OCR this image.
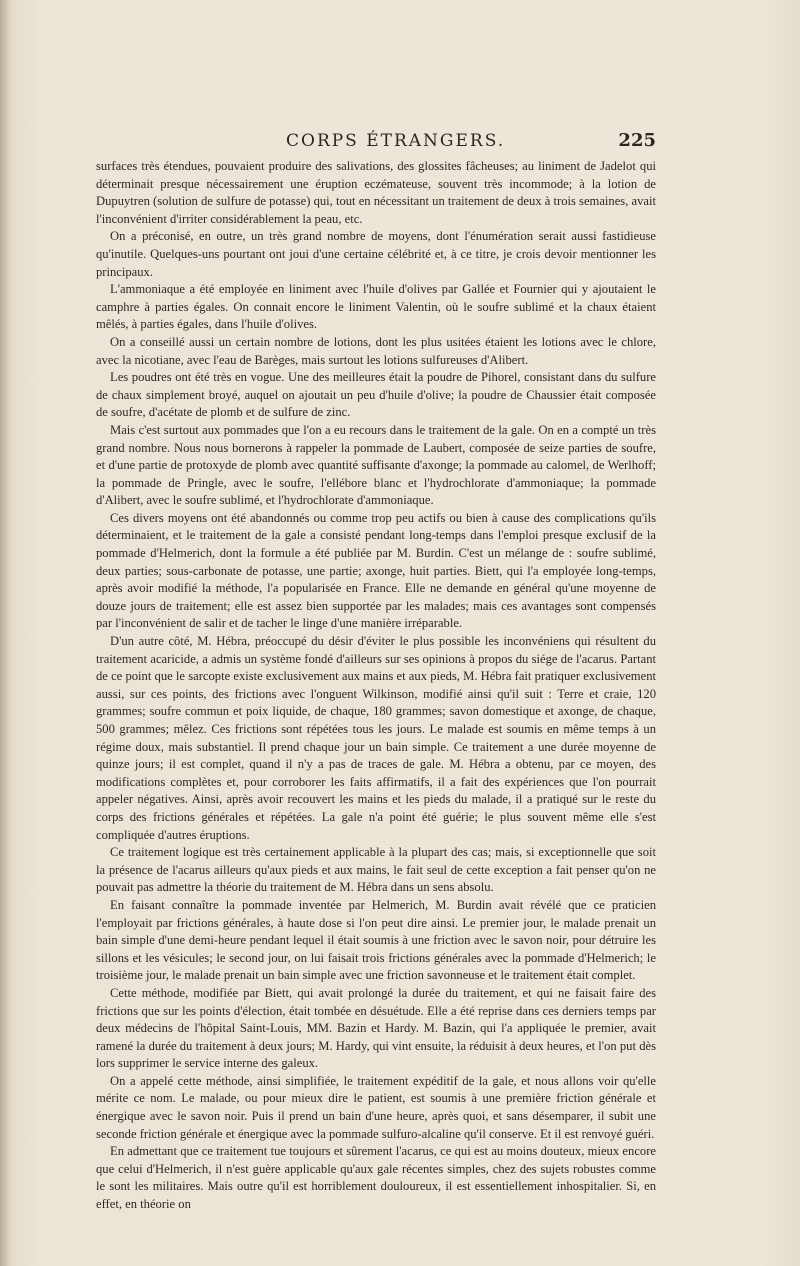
CORPS ÉTRANGERS.	225

surfaces très étendues, pouvaient produire des salivations, des glossites fâcheuses; au liniment de Jadelot qui déterminait presque nécessairement une éruption eczémateuse, souvent très incommode; à la lotion de Dupuytren (solution de sulfure de potasse) qui, tout en nécessitant un traitement de deux à trois semaines, avait l'inconvénient d'irriter considérablement la peau, etc.

On a préconisé, en outre, un très grand nombre de moyens, dont l'énumération serait aussi fastidieuse qu'inutile. Quelques-uns pourtant ont joui d'une certaine célébrité et, à ce titre, je crois devoir mentionner les principaux.

L'ammoniaque a été employée en liniment avec l'huile d'olives par Gallée et Fournier qui y ajoutaient le camphre à parties égales. On connait encore le liniment Valentin, où le soufre sublimé et la chaux étaient mêlés, à parties égales, dans l'huile d'olives.

On a conseillé aussi un certain nombre de lotions, dont les plus usitées étaient les lotions avec le chlore, avec la nicotiane, avec l'eau de Barèges, mais surtout les lotions sulfureuses d'Alibert.

Les poudres ont été très en vogue. Une des meilleures était la poudre de Pihorel, consistant dans du sulfure de chaux simplement broyé, auquel on ajoutait un peu d'huile d'olive; la poudre de Chaussier était composée de soufre, d'acétate de plomb et de sulfure de zinc.

Mais c'est surtout aux pommades que l'on a eu recours dans le traitement de la gale. On en a compté un très grand nombre. Nous nous bornerons à rappeler la pommade de Laubert, composée de seize parties de soufre, et d'une partie de protoxyde de plomb avec quantité suffisante d'axonge; la pommade au calomel, de Werlhoff; la pommade de Pringle, avec le soufre, l'ellébore blanc et l'hydrochlorate d'ammoniaque; la pommade d'Alibert, avec le soufre sublimé, et l'hydrochlorate d'ammoniaque.

Ces divers moyens ont été abandonnés ou comme trop peu actifs ou bien à cause des complications qu'ils déterminaient, et le traitement de la gale a consisté pendant long-temps dans l'emploi presque exclusif de la pommade d'Helmerich, dont la formule a été publiée par M. Burdin. C'est un mélange de : soufre sublimé, deux parties; sous-carbonate de potasse, une partie; axonge, huit parties. Biett, qui l'a employée long-temps, après avoir modifié la méthode, l'a popularisée en France. Elle ne demande en général qu'une moyenne de douze jours de traitement; elle est assez bien supportée par les malades; mais ces avantages sont compensés par l'inconvénient de salir et de tacher le linge d'une manière irréparable.

D'un autre côté, M. Hébra, préoccupé du désir d'éviter le plus possible les inconvéniens qui résultent du traitement acaricide, a admis un système fondé d'ailleurs sur ses opinions à propos du siége de l'acarus. Partant de ce point que le sarcopte existe exclusivement aux mains et aux pieds, M. Hébra fait pratiquer exclusivement aussi, sur ces points, des frictions avec l'onguent Wilkinson, modifié ainsi qu'il suit : Terre et craie, 120 grammes; soufre commun et poix liquide, de chaque, 180 grammes; savon domestique et axonge, de chaque, 500 grammes; mêlez. Ces frictions sont répétées tous les jours. Le malade est soumis en même temps à un régime doux, mais substantiel. Il prend chaque jour un bain simple. Ce traitement a une durée moyenne de quinze jours; il est complet, quand il n'y a pas de traces de gale. M. Hébra a obtenu, par ce moyen, des modifications complètes et, pour corroborer les faits affirmatifs, il a fait des expériences que l'on pourrait appeler négatives. Ainsi, après avoir recouvert les mains et les pieds du malade, il a pratiqué sur le reste du corps des frictions générales et répétées. La gale n'a point été guérie; le plus souvent même elle s'est compliquée d'autres éruptions.

Ce traitement logique est très certainement applicable à la plupart des cas; mais, si exceptionnelle que soit la présence de l'acarus ailleurs qu'aux pieds et aux mains, le fait seul de cette exception a fait penser qu'on ne pouvait pas admettre la théorie du traitement de M. Hébra dans un sens absolu.

En faisant connaître la pommade inventée par Helmerich, M. Burdin avait révélé que ce praticien l'employait par frictions générales, à haute dose si l'on peut dire ainsi. Le premier jour, le malade prenait un bain simple d'une demi-heure pendant lequel il était soumis à une friction avec le savon noir, pour détruire les sillons et les vésicules; le second jour, on lui faisait trois frictions générales avec la pommade d'Helmerich; le troisième jour, le malade prenait un bain simple avec une friction savonneuse et le traitement était complet.

Cette méthode, modifiée par Biett, qui avait prolongé la durée du traitement, et qui ne faisait faire des frictions que sur les points d'élection, était tombée en désuétude. Elle a été reprise dans ces derniers temps par deux médecins de l'hôpital Saint-Louis, MM. Bazin et Hardy. M. Bazin, qui l'a appliquée le premier, avait ramené la durée du traitement à deux jours; M. Hardy, qui vint ensuite, la réduisit à deux heures, et l'on put dès lors supprimer le service interne des galeux.

On a appelé cette méthode, ainsi simplifiée, le traitement expéditif de la gale, et nous allons voir qu'elle mérite ce nom. Le malade, ou pour mieux dire le patient, est soumis à une première friction générale et énergique avec le savon noir. Puis il prend un bain d'une heure, après quoi, et sans désemparer, il subit une seconde friction générale et énergique avec la pommade sulfuro-alcaline qu'il conserve. Et il est renvoyé guéri.

En admettant que ce traitement tue toujours et sûrement l'acarus, ce qui est au moins douteux, mieux encore que celui d'Helmerich, il n'est guère applicable qu'aux gale récentes simples, chez des sujets robustes comme le sont les militaires. Mais outre qu'il est horriblement douloureux, il est essentiellement inhospitalier. Si, en effet, en théorie on
